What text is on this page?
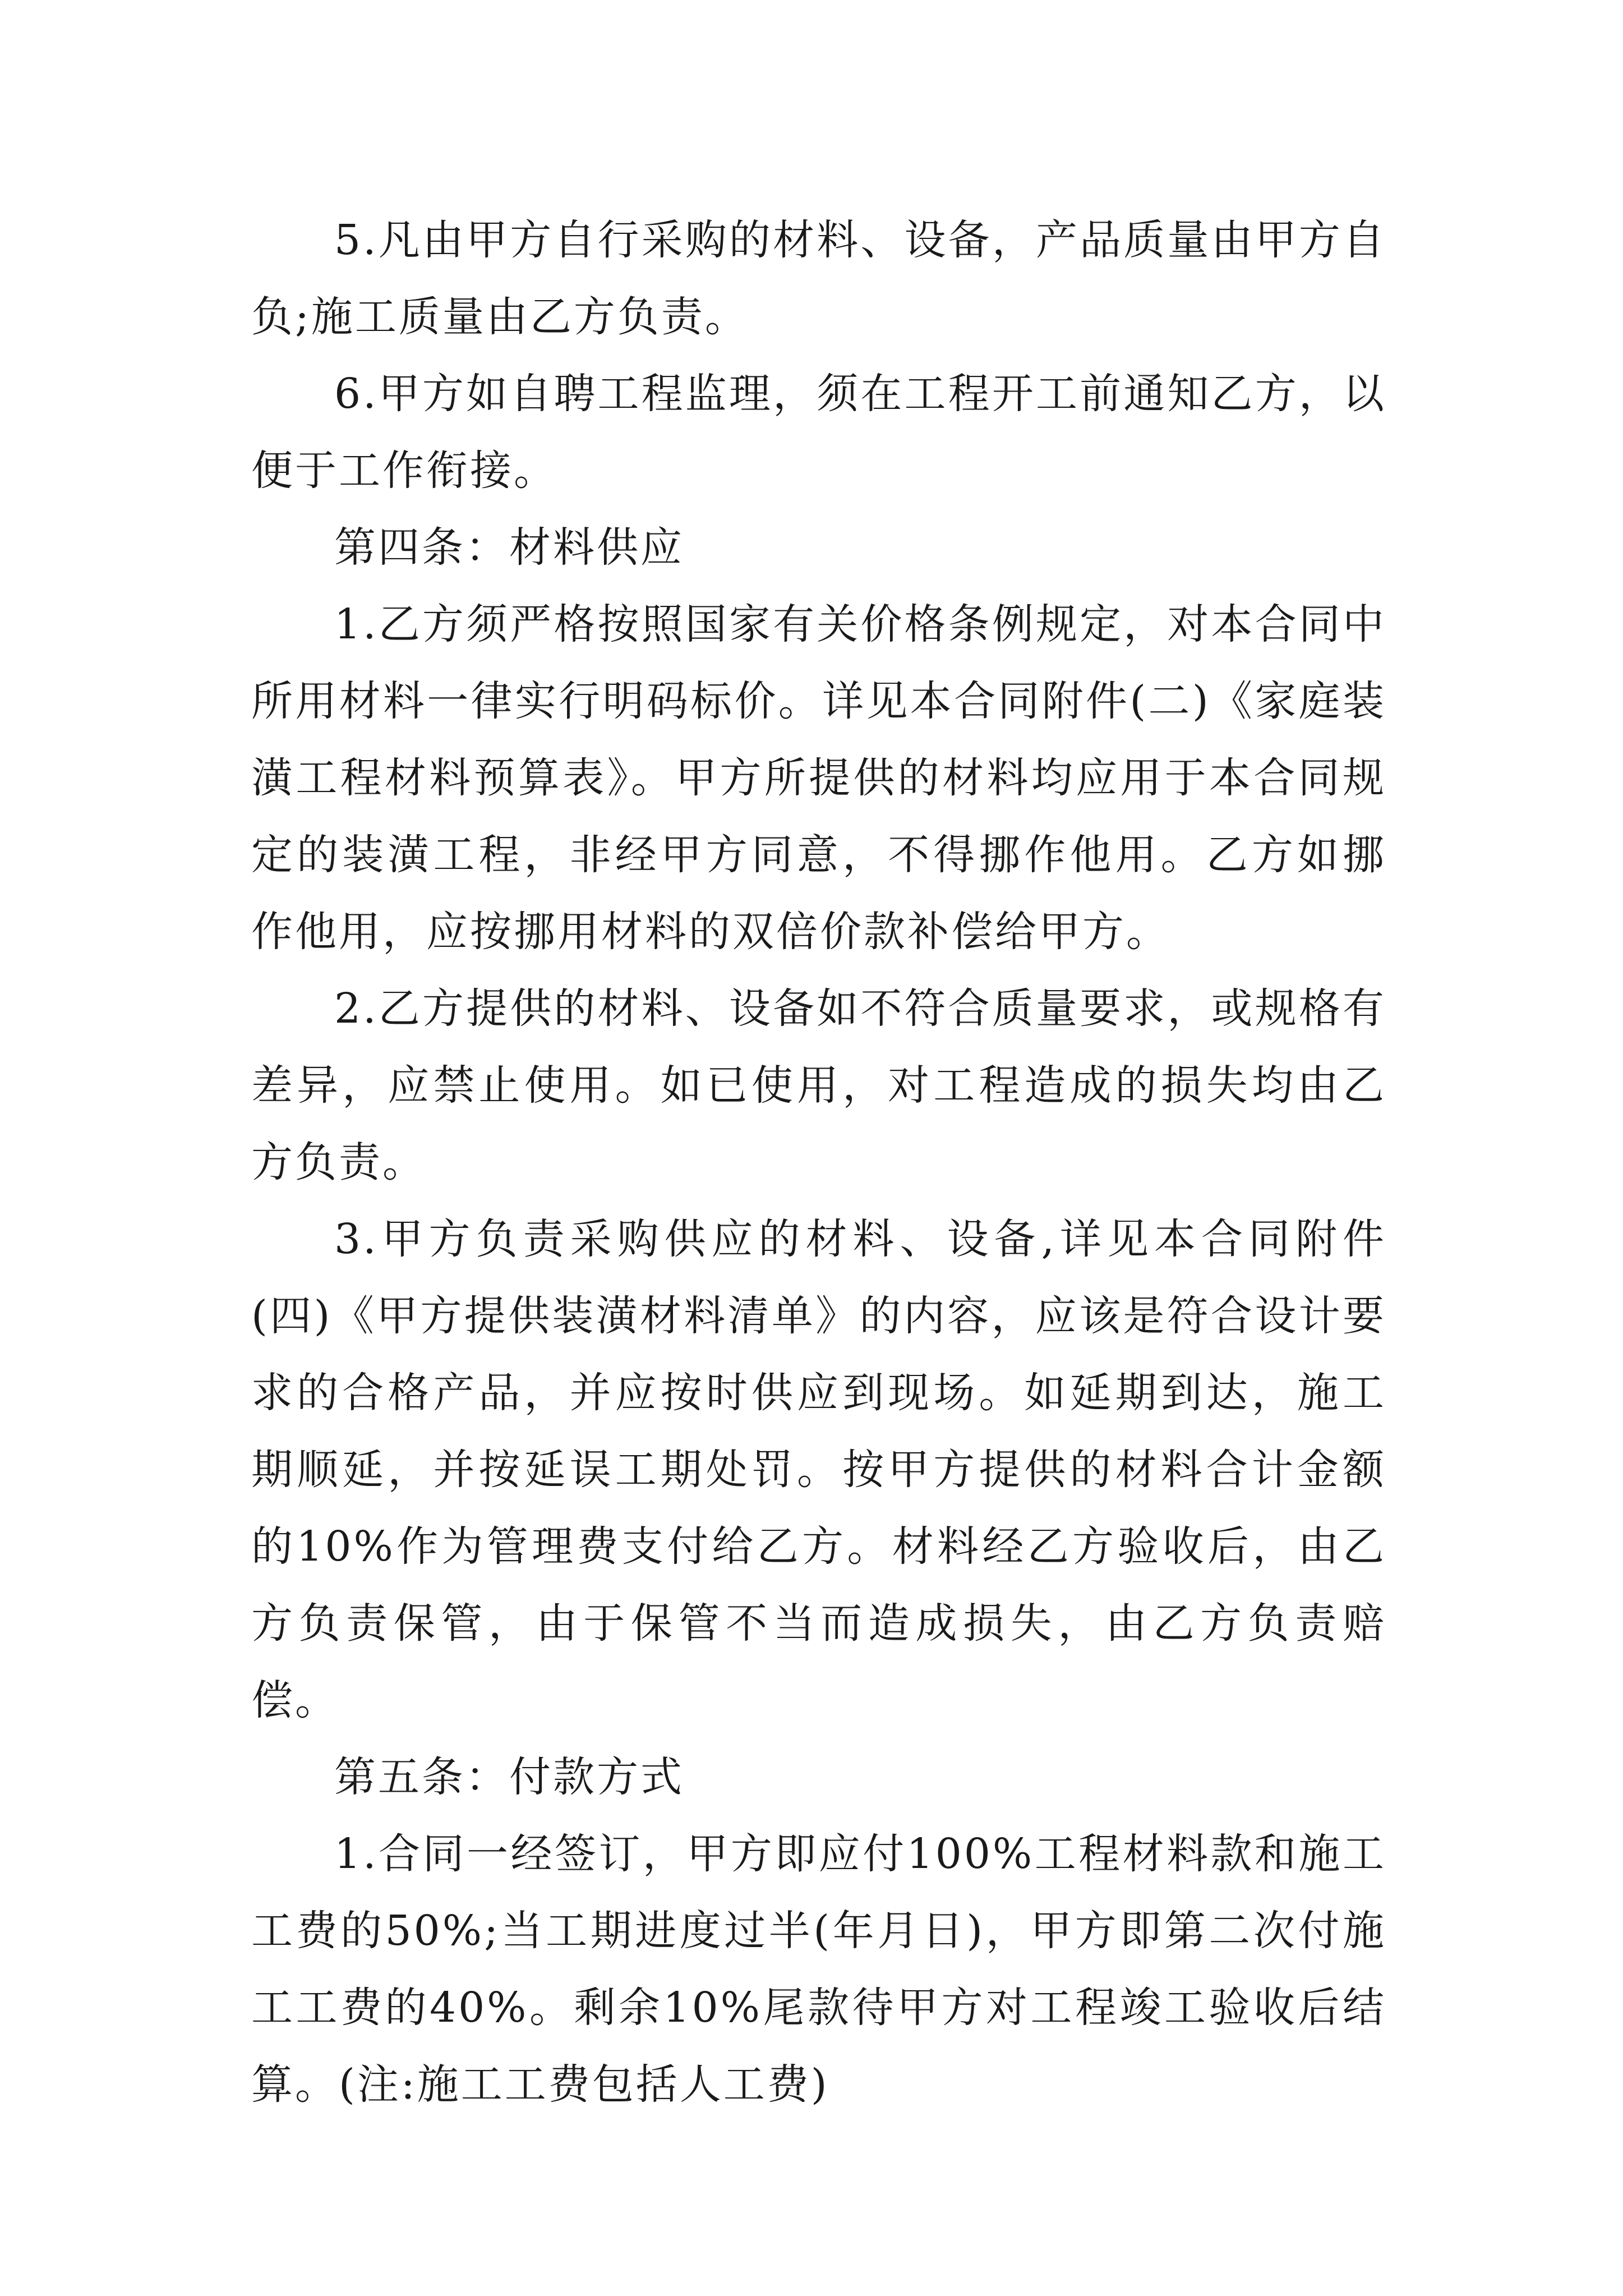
5.凡由甲方自行采购的材料、设备，产品质量由甲方自负;施工质量由乙方负责。

6.甲方如自聘工程监理，须在工程开工前通知乙方，以便于工作衔接。

第四条：材料供应

1.乙方须严格按照国家有关价格条例规定，对本合同中所用材料一律实行明码标价。详见本合同附件(二)《家庭装潢工程材料预算表》。甲方所提供的材料均应用于本合同规定的装潢工程，非经甲方同意，不得挪作他用。乙方如挪作他用，应按挪用材料的双倍价款补偿给甲方。

2.乙方提供的材料、设备如不符合质量要求，或规格有差异，应禁止使用。如已使用，对工程造成的损失均由乙方负责。

3.甲方负责采购供应的材料、设备,详见本合同附件(四)《甲方提供装潢材料清单》的内容，应该是符合设计要求的合格产品，并应按时供应到现场。如延期到达，施工期顺延，并按延误工期处罚。按甲方提供的材料合计金额的10%作为管理费支付给乙方。材料经乙方验收后，由乙方负责保管，由于保管不当而造成损失，由乙方负责赔偿。

第五条：付款方式

1.合同一经签订，甲方即应付100%工程材料款和施工工费的50%;当工期进度过半(年月日)，甲方即第二次付施工工费的40%。剩余10%尾款待甲方对工程竣工验收后结算。(注:施工工费包括人工费)
